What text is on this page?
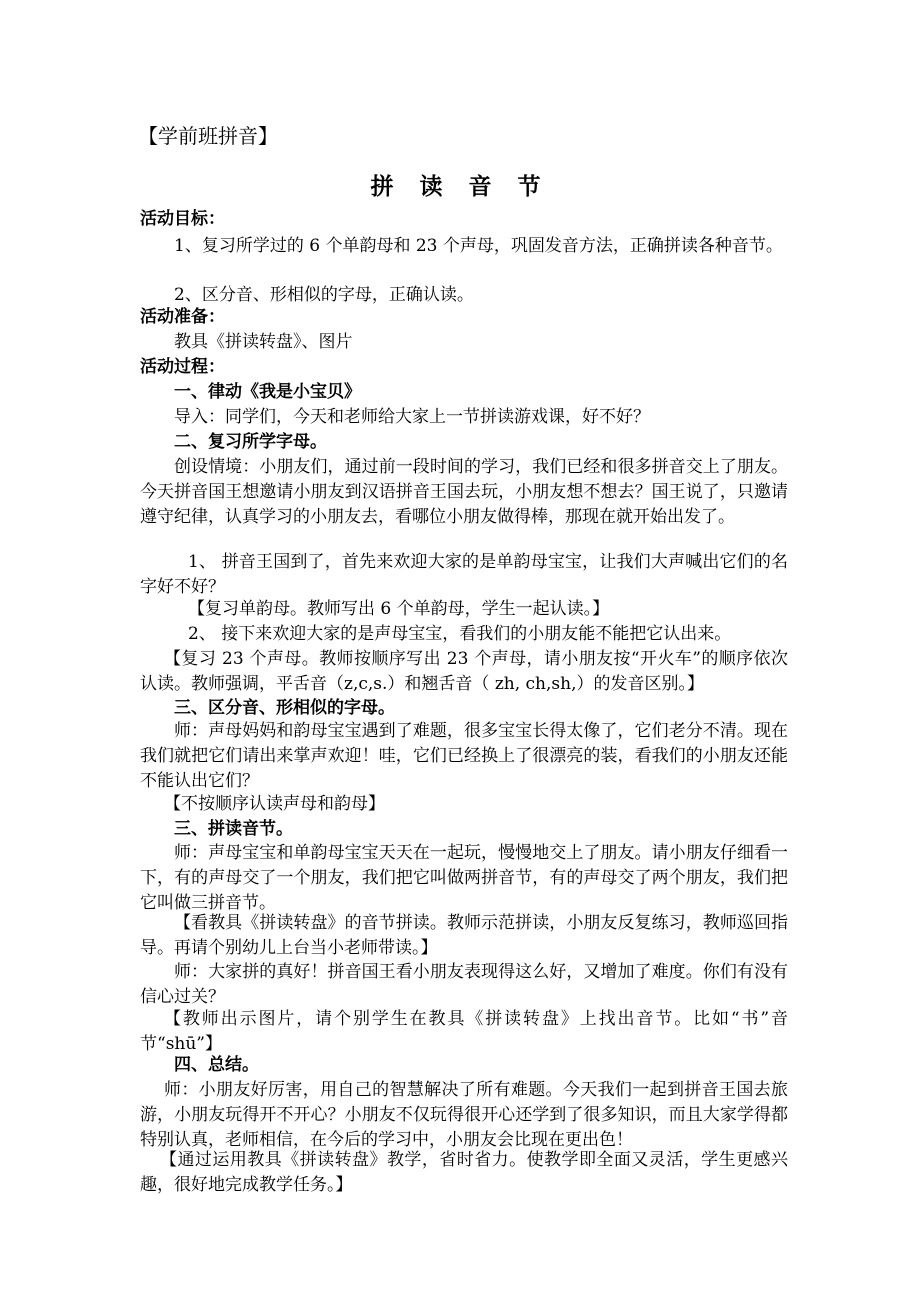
【学前班拼音】
拼 读 音 节

活动目标：

1、复习所学过的 6 个单韵母和 23 个声母，巩固发音方法，正确拼读各种音节。

2、区分音、形相似的字母，正确认读。

活动准备：

教具《拼读转盘》、图片

活动过程：

一、律动《我是小宝贝》

导入：同学们，今天和老师给大家上一节拼读游戏课，好不好？

二、复习所学字母。

创设情境：小朋友们，通过前一段时间的学习，我们已经和很多拼音交上了朋友。今天拼音国王想邀请小朋友到汉语拼音王国去玩，小朋友想不想去？国王说了，只邀请遵守纪律，认真学习的小朋友去，看哪位小朋友做得棒，那现在就开始出发了。

1、 拼音王国到了，首先来欢迎大家的是单韵母宝宝，让我们大声喊出它们的名字好不好？

【复习单韵母。教师写出 6 个单韵母，学生一起认读。】

2、 接下来欢迎大家的是声母宝宝，看我们的小朋友能不能把它认出来。

【复习 23 个声母。教师按顺序写出 23 个声母，请小朋友按“开火车”的顺序依次认读。教师强调，平舌音（z,c,s.）和翘舌音（ zh, ch,sh,）的发音区别。】

三、区分音、形相似的字母。

师：声母妈妈和韵母宝宝遇到了难题，很多宝宝长得太像了，它们老分不清。现在我们就把它们请出来掌声欢迎！哇，它们已经换上了很漂亮的装，看我们的小朋友还能不能认出它们？

【不按顺序认读声母和韵母】

三、拼读音节。

师：声母宝宝和单韵母宝宝天天在一起玩，慢慢地交上了朋友。请小朋友仔细看一下，有的声母交了一个朋友，我们把它叫做两拼音节，有的声母交了两个朋友，我们把它叫做三拼音节。

【看教具《拼读转盘》的音节拼读。教师示范拼读，小朋友反复练习，教师巡回指导。再请个别幼儿上台当小老师带读。】

师：大家拼的真好！拼音国王看小朋友表现得这么好，又增加了难度。你们有没有信心过关？

【教师出示图片，请个别学生在教具《拼读转盘》上找出音节。比如“书”音节“shū”】

四、总结。

师：小朋友好厉害，用自己的智慧解决了所有难题。今天我们一起到拼音王国去旅游，小朋友玩得开不开心？小朋友不仅玩得很开心还学到了很多知识，而且大家学得都特别认真，老师相信，在今后的学习中，小朋友会比现在更出色！

【通过运用教具《拼读转盘》教学，省时省力。使教学即全面又灵活，学生更感兴趣，很好地完成教学任务。】
